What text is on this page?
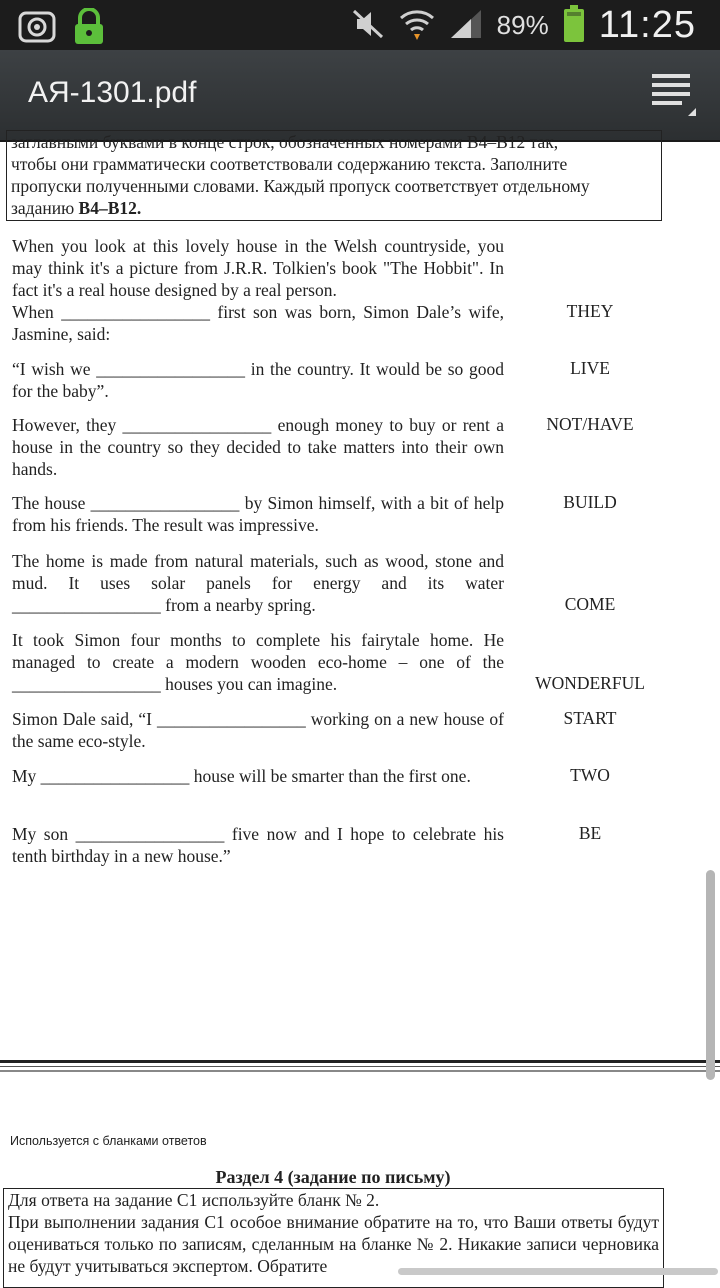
89% 11:25
АЯ-1301.pdf

заглавными буквами в конце строк, обозначенных номерами B4–B12 так,

чтобы они грамматически соответствовали содержанию текста. Заполните

пропуски полученными словами. Каждый пропуск соответствует отдельному

заданию B4–B12.

When you look at this lovely house in the Welsh countryside, you may think it's a picture from J.R.R. Tolkien's book "The Hobbit". In fact it's a real house designed by a real person.
When _________________ first son was born, Simon Dale’s wife, Jasmine, said:
THEY
“I wish we _________________ in the country. It would be so good for the baby”.
LIVE
However, they _________________ enough money to buy or rent a house in the country so they decided to take matters into their own hands.
NOT/HAVE
The house _________________ by Simon himself, with a bit of help from his friends. The result was impressive.
BUILD
The home is made from natural materials, such as wood, stone and mud. It uses solar panels for energy and its water _________________ from a nearby spring.	COME
It took Simon four months to complete his fairytale home. He managed to create a modern wooden eco-home – one of the _________________ houses you can imagine.	WONDERFUL
Simon Dale said, “I _________________ working on a new house of the same eco-style.
START
My _________________ house will be smarter than the first one.	TWO
My son _________________ five now and I hope to celebrate his tenth birthday in a new house.”
BE
Используется с бланками ответов
Раздел 4 (задание по письму)

Для ответа на задание C1 используйте бланк № 2.

При выполнении задания C1 особое внимание обратите на то, что Ваши ответы будут оцениваться только по записям, сделанным на бланке № 2. Никакие записи черновика не будут учитываться экспертом. Обратите
